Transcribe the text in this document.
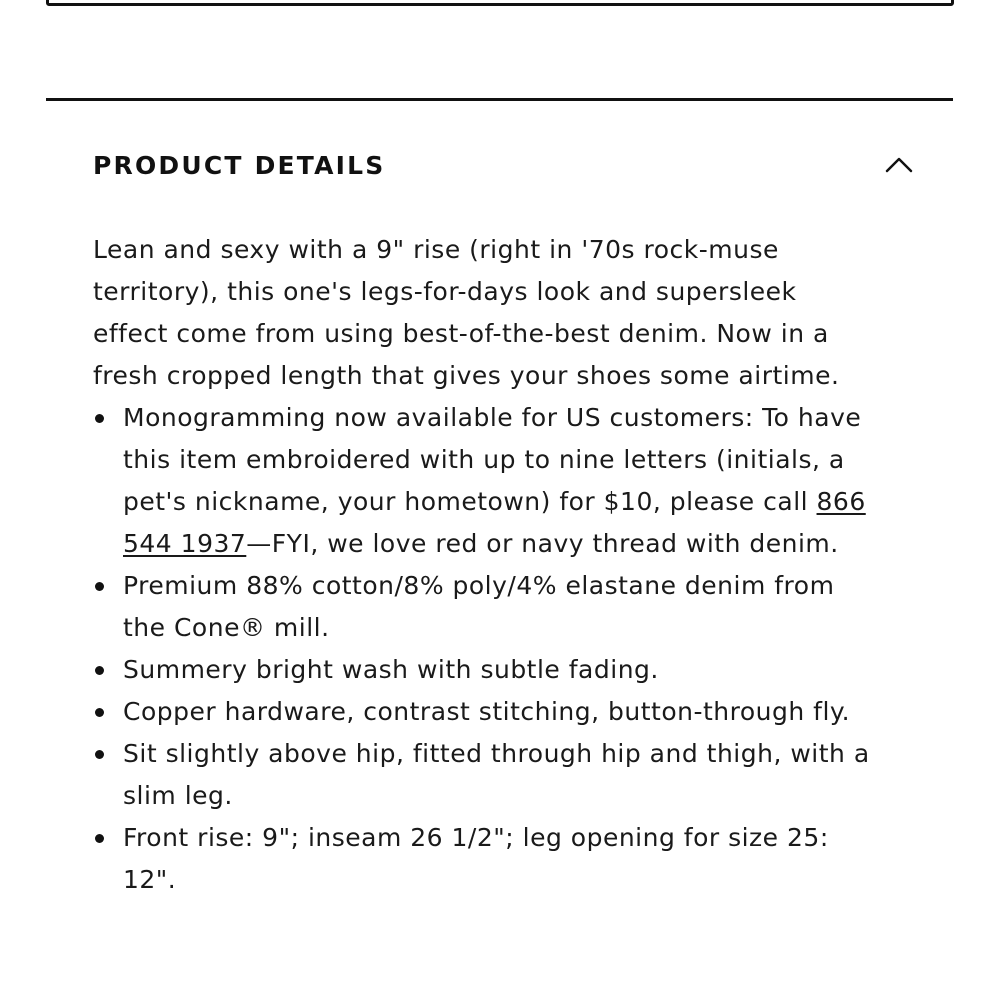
PRODUCT DETAILS

Lean and sexy with a 9" rise (right in '70s rock-muse territory), this one's legs-for-days look and supersleek effect come from using best-of-the-best denim. Now in a fresh cropped length that gives your shoes some airtime.

Monogramming now available for US customers: To have this item embroidered with up to nine letters (initials, a pet's nickname, your hometown) for $10, please call 866 544 1937—FYI, we love red or navy thread with denim.
Premium 88% cotton/8% poly/4% elastane denim from the Cone® mill.
Summery bright wash with subtle fading.
Copper hardware, contrast stitching, button-through fly.
Sit slightly above hip, fitted through hip and thigh, with a slim leg.
Front rise: 9"; inseam 26 1/2"; leg opening for size 25: 12".
